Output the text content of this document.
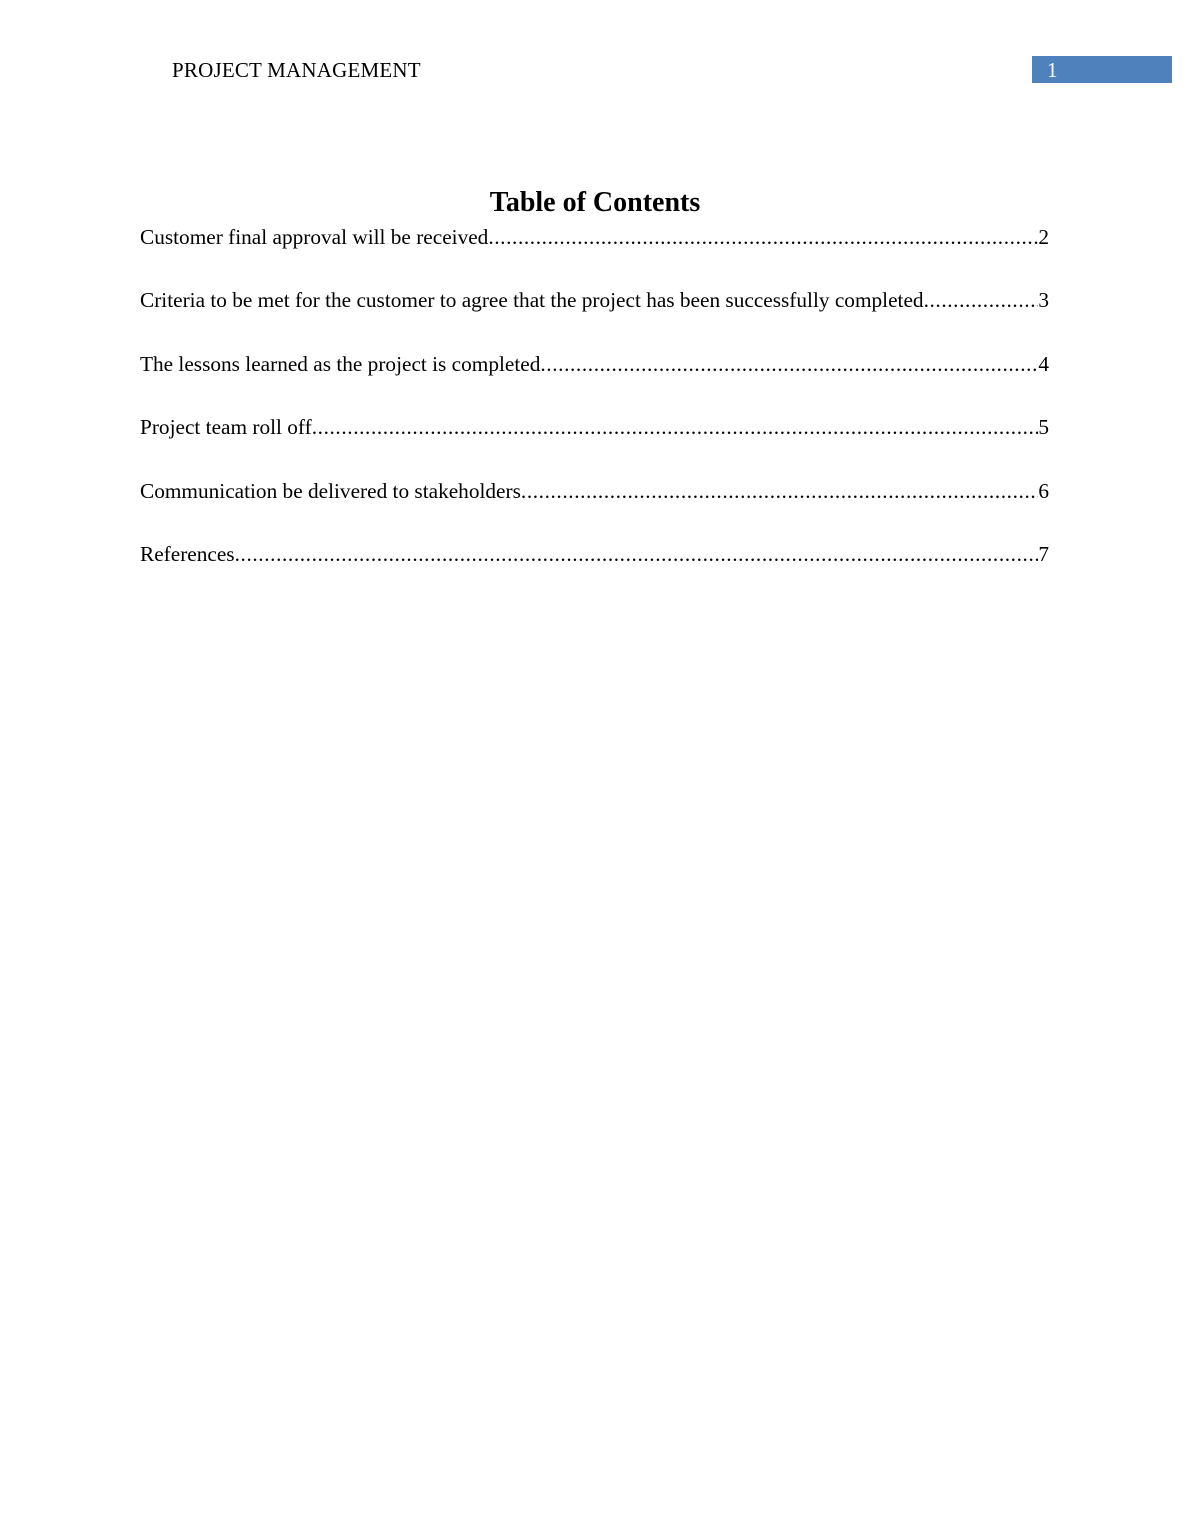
PROJECT MANAGEMENT	1
Table of Contents
Customer final approval will be received .....	2
Criteria to be met for the customer to agree that the project has been successfully completed .....	3
The lessons learned as the project is completed .....	4
Project team roll off .....	5
Communication be delivered to stakeholders .....	6
References .....	7
